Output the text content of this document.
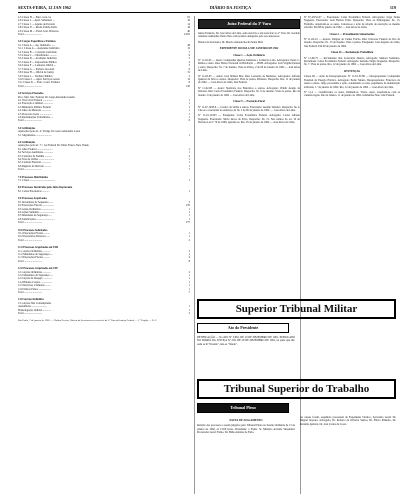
SEXTA-FEIRA, 12 JAN 1962	DIÁRIO DA JUSTIÇA	119
2.5 Classe H — Func. Grat. Gr	81
2.6 Classe I — Ajud. Substituto ....	19
2.7 Classe J — Agente de Portaria	14
2.8 Classe N — Resid. Padrão Indiv.	16
2.9 Classe M — Fund. Grat. Diversos	40
Total ...........................	2.281
3.0 Cargos Específicos e Extintos
3.1 Classe A — Ag. Judiciário ......	48
3.1.1 Classe A — Assistente Judiciário	15
3.2 Classe B — Contador Judiciário	7
3.3 Classe C — Distribuidor ...........	9
3.4 Classe D — Avaliador Judiciário	5
3.5 Classe E — Depositário Público	4
3.6 Classe F — Leiloeiro Oficial ...	3
3.7 Classe G — Porteiro dos Aud.	6
3.8 Classe H — Oficial de Justiça	31
3.9 Classe I — Tradutor Público	2
3.10 Classe J — Ajud. Serviços Gerais	12
3.11 Classe K — Func. Contr. Extintos	8
Total ...........................	150
4.0 Serviços Prestados
Proc. Mat. Juíz. Federal, Dr. Jorge Alexandre Guedes
4.1 Vara Cível Federal ...............	1
4.2 Execução Criminal ...............	1
4.3 Ministério Público Federal	1
4.4 Juízo de Menores ..............	1
4.5 Protocolo Geral ...................	1
4.6 Reclamações Trabalhistas ....	1
Total ...........................	6
5.0 Atribuições
Apurações pelo art. 4.º Parágr. Dr. Gerra Alexandre Costa
5.1 Julgamentos .......................	1
6.0 Atribuições
Apurações pelo art. 7.º, Lei Federal Dr. Telles Franco Neto Vianna
6.1 Juízo Federal .......................	1
6.2 Serviços Auxiliares ..............	1
6.3 Cartórios de Família ...........	2
6.4 Vara de Órfãos .......................	1
6.5 Cartório Eleitoral ..............	1
6.6 Registro de Imóveis ..........	1
Total ...........................	7
7.0 Processos Distribuídos
7.1 Cíveis ......................................	1
8.0 Processos Devolvidos pelo Juízo Deprecante
8.1 Cartas Precatórias ...........	1
9.0 Processos Arquivados
9.1 Inventários de Sequestro ......	3
9.2 Execuções Fiscais ..................	270
9.3 Ações Ordinárias ...................	1
9.4 Ações Sumárias ......................	1
9.5 Mandados de Segurança ....	1
9.6 Justificações ...........................	1
Total ...........................	277
10.0 Processos Solicitados
10.1 Execuções Fiscais ..........	1
10.2 Precatórios Diversos ......	1
Total ...........................	2
11.0 Processos Arquivados em TFR
11.1 Ações Ordinárias ............	3
11.2 Mandados de Segurança ....	1
11.3 Execuções Fiscais ..........	4
Total ...........................	8
12.0 Processos Arquivados em STF
12.1 Ações Ordinárias ............	2
12.2 Mandados de Segurança ....	1
12.3 Ações de Despejo .............	1
12.4 Habeas-Corpus .................	1
12.5 Recursos Criminais ........	1
12.6 Outros Feitos ..................	1
Total ...........................	7
13.0 Serviço Definitivo
13.1 Ações Não Contempladas
Assistências ......................	1
Homologação Judicial ............	1
Total ...........................	2
São Paulo, 7 de janeiro de 1962. — Hylton Pereira, Diretor da Secretaria em exercício da 3.ª Vara da Justiça Federal — 1.º Região — D. F.
Juízo Federal da 3ª Vara

Juízes Federais, Dr. José Alves de Lima, sem exercício e em exercício no 2º Vara. Dr. Geraldo Antunes Guimarães Vieira Neto com poderes delegados pelo seu antecessor.

Diretor da Secretaria, Dr. Marcio Antonio Rocha Seine Mira

EXPEDIENTE DO DIA 12 DE JANEIRO DE 1962
Classe 1 — Ação Ordinária

Nº 11-62-03 — Autor: Companhia Queiroz Indústria e Comércio Ltda. Advogados: Paulo C. Ramos e outro. Réu: Banco Nacional da Habitação — BNH. Advogados: Luis Virgílio Pereira e outro. Despacho: fls. 7 do mesmo, Vista às Partes, 2 de 06 de Janeiro de 1962 — José Alves de Lima.

Nº 11-62-05 — Autor: José Simões Mar. Réu: Leonardo de Medeiros. Advogados: Alfredo Queiroz da Silva e outros. Despacho: Vista às partes, Primeiro. Despacho: Rio, 11 de janeiro de 1962. — José Alves de Lima, Juiz Federal.

Nº 11-62-08 — Autor: Sindicato dos Bancários e outros. Advogado: Waldir Araújo de Oliveira. Réu: Caixa Econômica Federal. Despacho: fls. 9 do mesmo. Vista às partes. Rio de Janeiro, 9 de janeiro de 1962 — José Alves de Lima.

Classe 9 — Execução Fiscal

Nº 11-67-1058-6 — Credor: da União e outros. Executado: Aurélio Teixeira. Despacho: fls. 4. Cite-se o executado no endereço de fls. 2 de 06 de janeiro de 1962. — José Alves de Lima.

Nº 11-61-10103 — Exequente: Caixa Econômica Federal. Advogado: Carlos Alberto Nogueira. Executado: Silvio Alves da Silva. Despacho: fls. 15. Nos termos do art. 10 do Decreto-Lei nº 70 de 1966, aguarde-se. Rio, 05 de janeiro de 1962 — José Alves de Lima.

Nº 67-29/52-07 — Executante: Caixa Econômica Federal. Advogados: Jorge Tadeu Nogueira. Executado: Luiz Batista Felix. Despacho: Vista ao Embargante, fls. 15, Extinção. Arquivem-se os autos. Cancele-se a ação de relação de execução ao mesmo vencido. Em 08 de janeiro de 1962 — José Alves de Lima.

Classe 2 — Procedimento Sumaríssimo

Nº 11-62-01 — Autora: Dalgisa da Cunha Falcão. Réu: Universo Federal do Rio de Janeiro. Despacho: fls. 13 do mesmo. Vista à partes. Exequente: José Augusto de Lima, Juiz Federal. Em 09 de janeiro de 1962.

Classe 26 — Reclamação Trabalhista

Nº 11-60-75 — Reclamante: Rui Conceição Duarte, Advogado: Manoel Sarmento. Reclamado: Caixa Econômica Federal. Advogado: Antonio Sérgio Nogueira. Despacho: fls. 7. Vista às partes. Rio, 12 de janeiro de 1962 — José Alves de Lima.

SENTENÇAS

Classe III — Ação de Desapropriação. Nº 11-61-31/86 — Desapropriante: Companhia Estadual de Energia Elétrica. Advogado: Pedro Moura. Desapropriados: Francisco de Assis e outros. Julgo procedente a ação, condenando os réus, pagamento da indenização arbitrada, 1.º de janeiro de 1962. Rio, 12 de janeiro de 1962 — José Alves de Lima.

Nº 11-2 — Cientificados os autos, Intimem-se. Vistos. Após, arquivem-se com as cautelas legais. Rio de Janeiro, 11 de janeiro de 1962. Guimarães Neto, Juiz Federal.

Superior Tribunal Militar
Ato do Presidente

RETIFICAÇÃO — No ATO Nº 3.681, DE 10 DE DEZEMBRO DE 1961, PUBLICADO NO DIÁRIO DA JUSTIÇA Nº 236, DE 29 DE DEZEMBRO DE 1961, na parte que diz: onde se lê "fixando", leia-se "fixado".

Tribunal Superior do Trabalho
Tribunal Pleno
PAUTA DE JULGAMENTO

Relação dos processos a serem julgados pelo Tribunal Pleno na Sessão Ordinária de 15 de janeiro de 1962, às 13:00 horas, Presidente: o Exmo. Sr. Ministro Arnaldo Süssekind. Procurador Geral: Exmo. Dr. Hélio Antônio de Faria.

As causas foram, sequência processual de Expediente Técnico, Secretaria Geral: Dr. Miguel Jarjoura, Advogado, Dr. Roberto de Oliveira Santos, Dr. Flávio Pinheiro, Dr. Ronaldo Aymoré. Dr. José Carlos da Costa.
